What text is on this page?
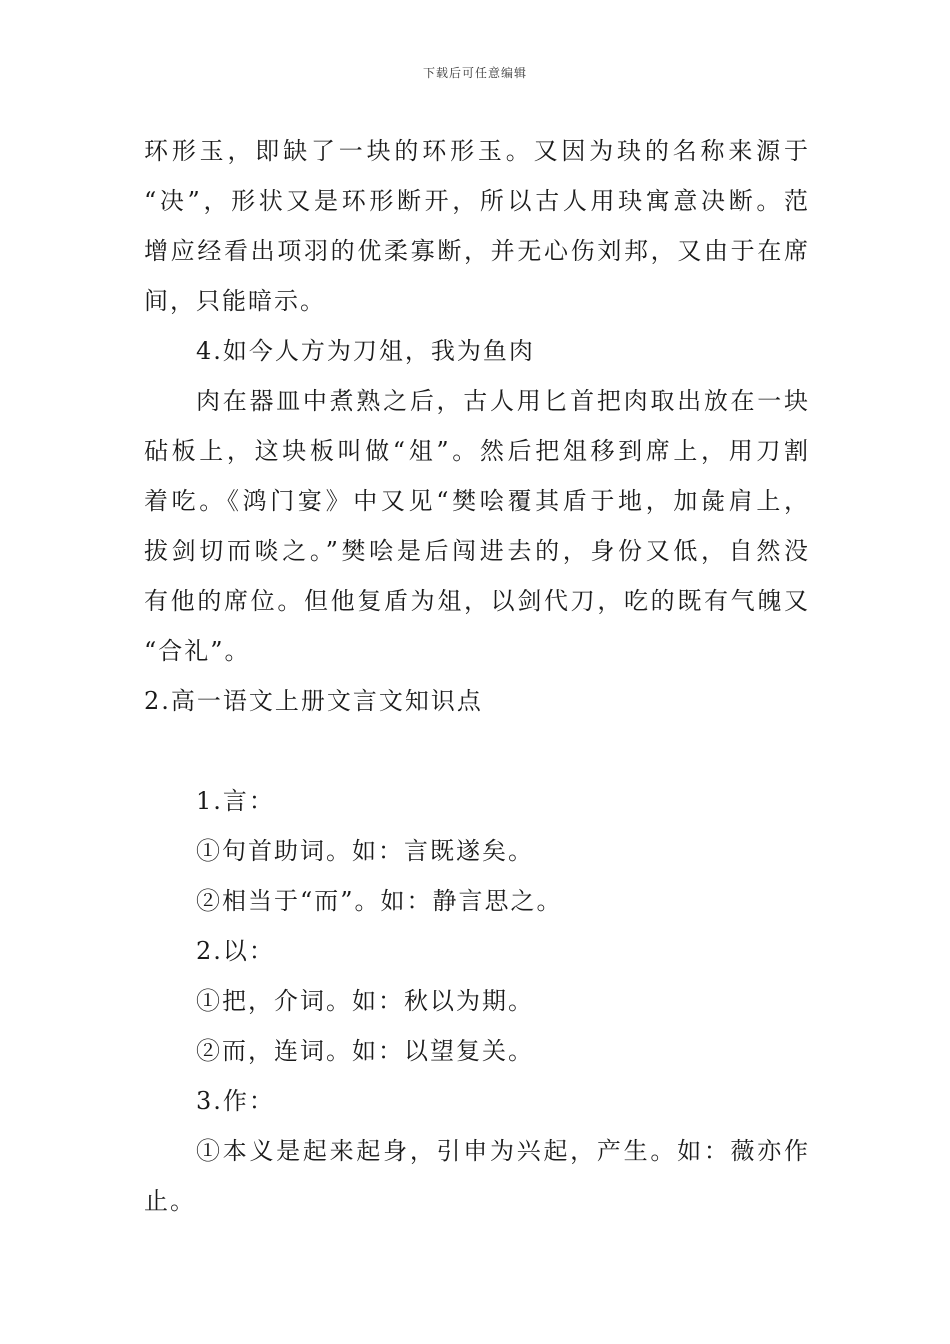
下载后可任意编辑
环形玉，即缺了一块的环形玉。又因为玦的名称来源于
“决”，形状又是环形断开，所以古人用玦寓意决断。范
增应经看出项羽的优柔寡断，并无心伤刘邦，又由于在席
间，只能暗示。
4.如今人方为刀俎，我为鱼肉
肉在器皿中煮熟之后，古人用匕首把肉取出放在一块
砧板上，这块板叫做“俎”。然后把俎移到席上，用刀割
着吃。《鸿门宴》中又见“樊哙覆其盾于地，加彘肩上，
拔剑切而啖之。”樊哙是后闯进去的，身份又低，自然没
有他的席位。但他复盾为俎，以剑代刀，吃的既有气魄又
“合礼”。
2.高一语文上册文言文知识点
1.言：
①句首助词。如：言既遂矣。
②相当于“而”。如：静言思之。
2.以：
①把，介词。如：秋以为期。
②而，连词。如：以望复关。
3.作：
①本义是起来起身，引申为兴起，产生。如：薇亦作
止。
